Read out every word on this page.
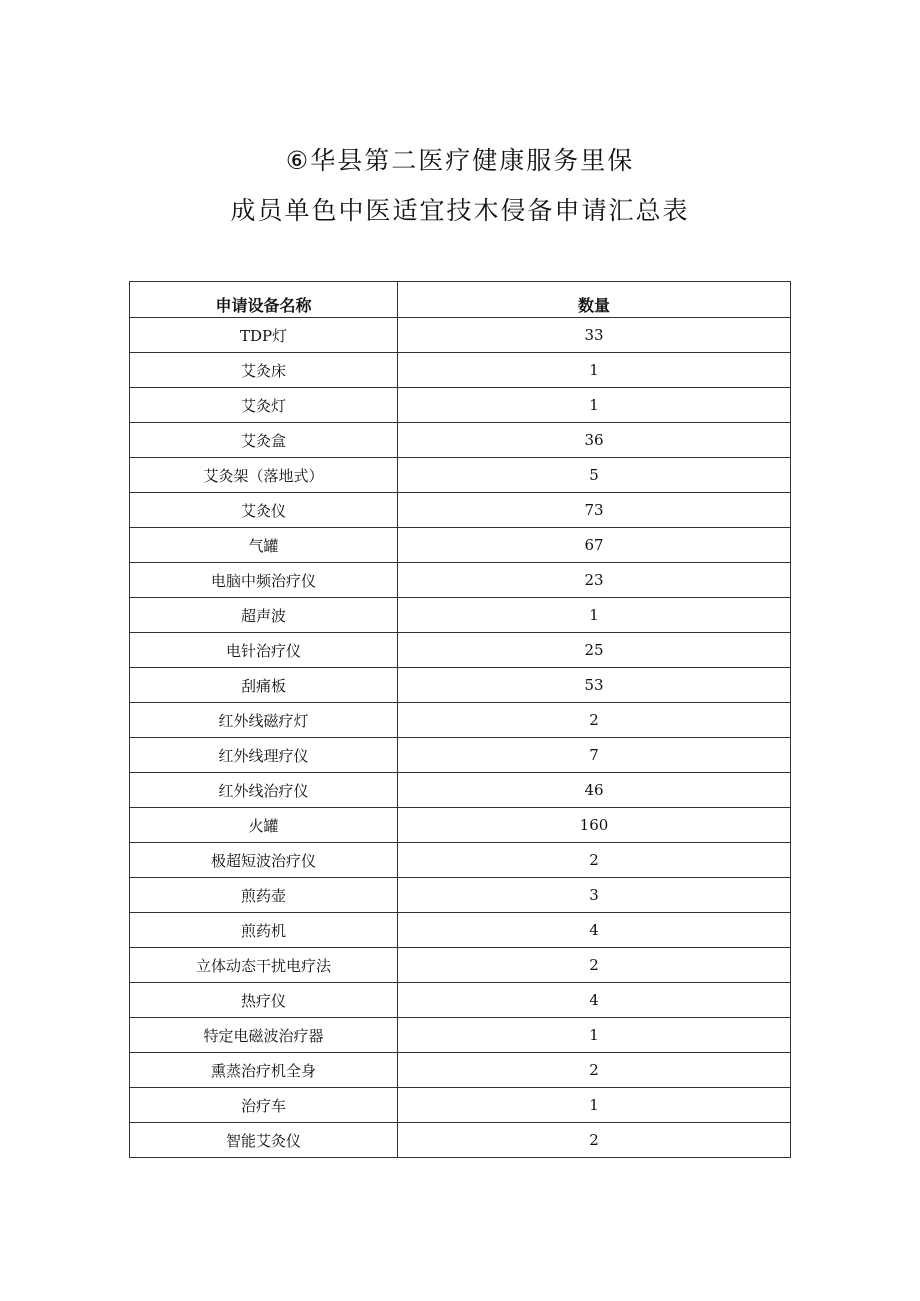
⑥华县第二医疗健康服务里保
成员单色中医适宜技木侵备申请汇总表
申请设备名称	数量
TDP灯	33
艾灸床	1
艾灸灯	1
艾灸盒	36
艾灸架（落地式）	5
艾灸仪	73
气罐	67
电脑中频治疗仪	23
超声波	1
电针治疗仪	25
刮痛板	53
红外线磁疗灯	2
红外线理疗仪	7
红外线治疗仪	46
火罐	160
极超短波治疗仪	2
煎药壶	3
煎药机	4
立体动态干扰电疗法	2
热疗仪	4
特定电磁波治疗器	1
熏蒸治疗机全身	2
治疗车	1
智能艾灸仪	2
